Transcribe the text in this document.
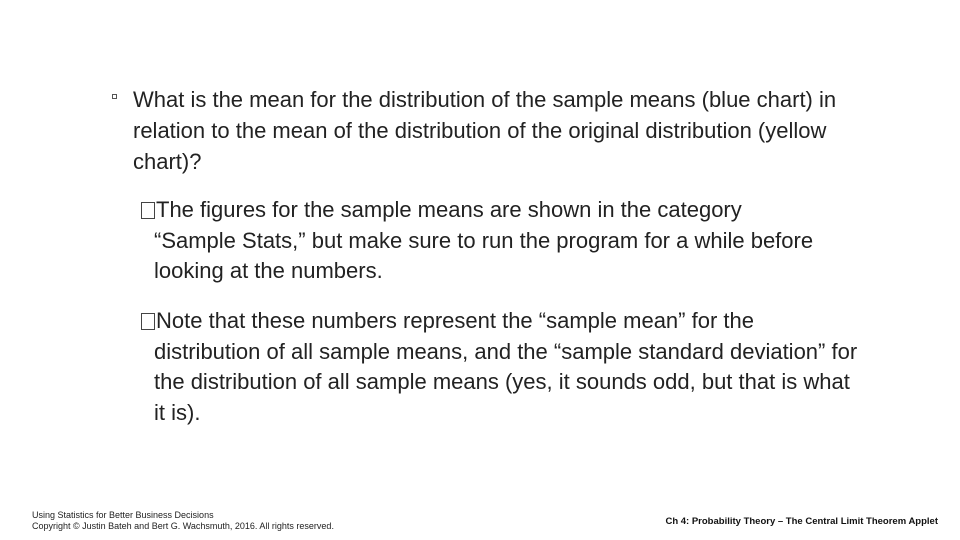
What is the mean for the distribution of the sample means (blue chart) in relation to the mean of the distribution of the original distribution (yellow chart)?
The figures for the sample means are shown in the category
“Sample Stats,” but make sure to run the program for a while before looking at the numbers.
Note that these numbers represent the “sample mean” for the
distribution of all sample means, and the “sample standard deviation” for the distribution of all sample means (yes, it sounds odd, but that is what it is).
Using Statistics for Better Business Decisions
Copyright © Justin Bateh and Bert G. Wachsmuth, 2016. All rights reserved.	Ch 4: Probability Theory – The Central Limit Theorem Applet
